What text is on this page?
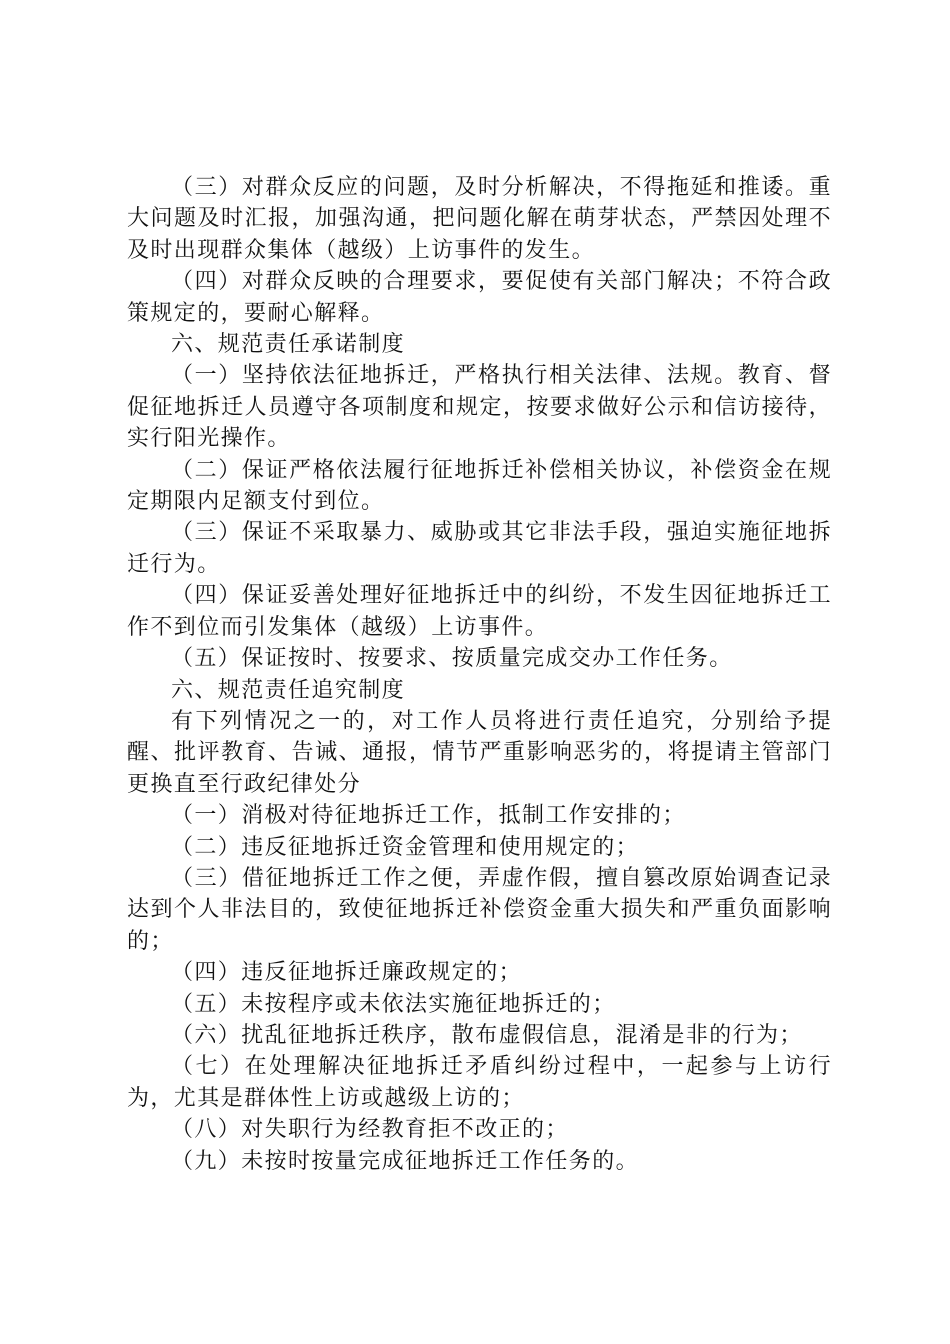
（三）对群众反应的问题，及时分析解决，不得拖延和推诿。重大问题及时汇报，加强沟通，把问题化解在萌芽状态，严禁因处理不及时出现群众集体（越级）上访事件的发生。

（四）对群众反映的合理要求，要促使有关部门解决；不符合政策规定的，要耐心解释。

六、规范责任承诺制度

（一）坚持依法征地拆迁，严格执行相关法律、法规。教育、督促征地拆迁人员遵守各项制度和规定，按要求做好公示和信访接待，实行阳光操作。

（二）保证严格依法履行征地拆迁补偿相关协议，补偿资金在规定期限内足额支付到位。

（三）保证不采取暴力、威胁或其它非法手段，强迫实施征地拆迁行为。

（四）保证妥善处理好征地拆迁中的纠纷，不发生因征地拆迁工作不到位而引发集体（越级）上访事件。

（五）保证按时、按要求、按质量完成交办工作任务。

六、规范责任追究制度

有下列情况之一的，对工作人员将进行责任追究，分别给予提醒、批评教育、告诫、通报，情节严重影响恶劣的，将提请主管部门更换直至行政纪律处分

（一）消极对待征地拆迁工作，抵制工作安排的；

（二）违反征地拆迁资金管理和使用规定的；

（三）借征地拆迁工作之便，弄虚作假，擅自篡改原始调查记录达到个人非法目的，致使征地拆迁补偿资金重大损失和严重负面影响的；

（四）违反征地拆迁廉政规定的；

（五）未按程序或未依法实施征地拆迁的；

（六）扰乱征地拆迁秩序，散布虚假信息，混淆是非的行为；

（七）在处理解决征地拆迁矛盾纠纷过程中，一起参与上访行为，尤其是群体性上访或越级上访的；

（八）对失职行为经教育拒不改正的；

（九）未按时按量完成征地拆迁工作任务的。
